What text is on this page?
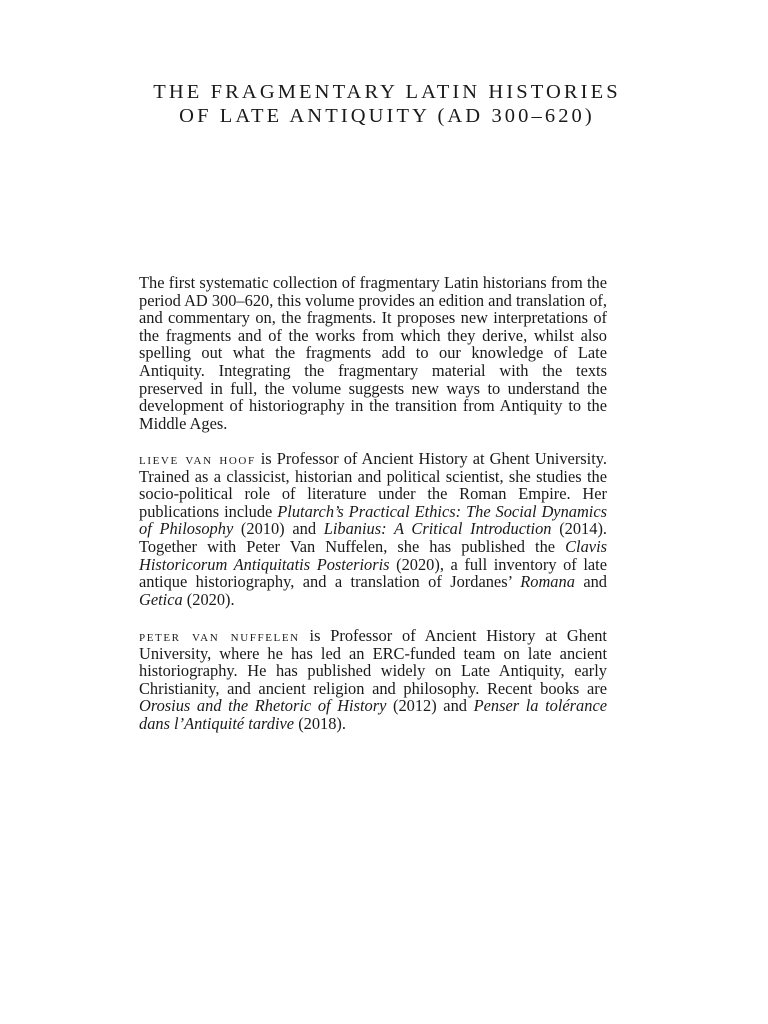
THE FRAGMENTARY LATIN HISTORIES
OF LATE ANTIQUITY (AD 300–620)

The first systematic collection of fragmentary Latin historians from the period AD 300–620, this volume provides an edition and translation of, and commentary on, the fragments. It proposes new interpretations of the fragments and of the works from which they derive, whilst also spelling out what the fragments add to our knowledge of Late Antiquity. Integrating the fragmentary material with the texts preserved in full, the volume suggests new ways to understand the development of historiography in the transition from Antiquity to the Middle Ages.

lieve van hoof is Professor of Ancient History at Ghent University. Trained as a classicist, historian and political scientist, she studies the socio-political role of literature under the Roman Empire. Her publications include Plutarch’s Practical Ethics: The Social Dynamics of Philosophy (2010) and Libanius: A Critical Introduction (2014). Together with Peter Van Nuffelen, she has published the Clavis Historicorum Antiquitatis Posterioris (2020), a full inventory of late antique historiography, and a translation of Jordanes’ Romana and Getica (2020).

peter van nuffelen is Professor of Ancient History at Ghent University, where he has led an ERC-funded team on late ancient historiography. He has published widely on Late Antiquity, early Christianity, and ancient religion and philosophy. Recent books are Orosius and the Rhetoric of History (2012) and Penser la tolérance dans l’Antiquité tardive (2018).
